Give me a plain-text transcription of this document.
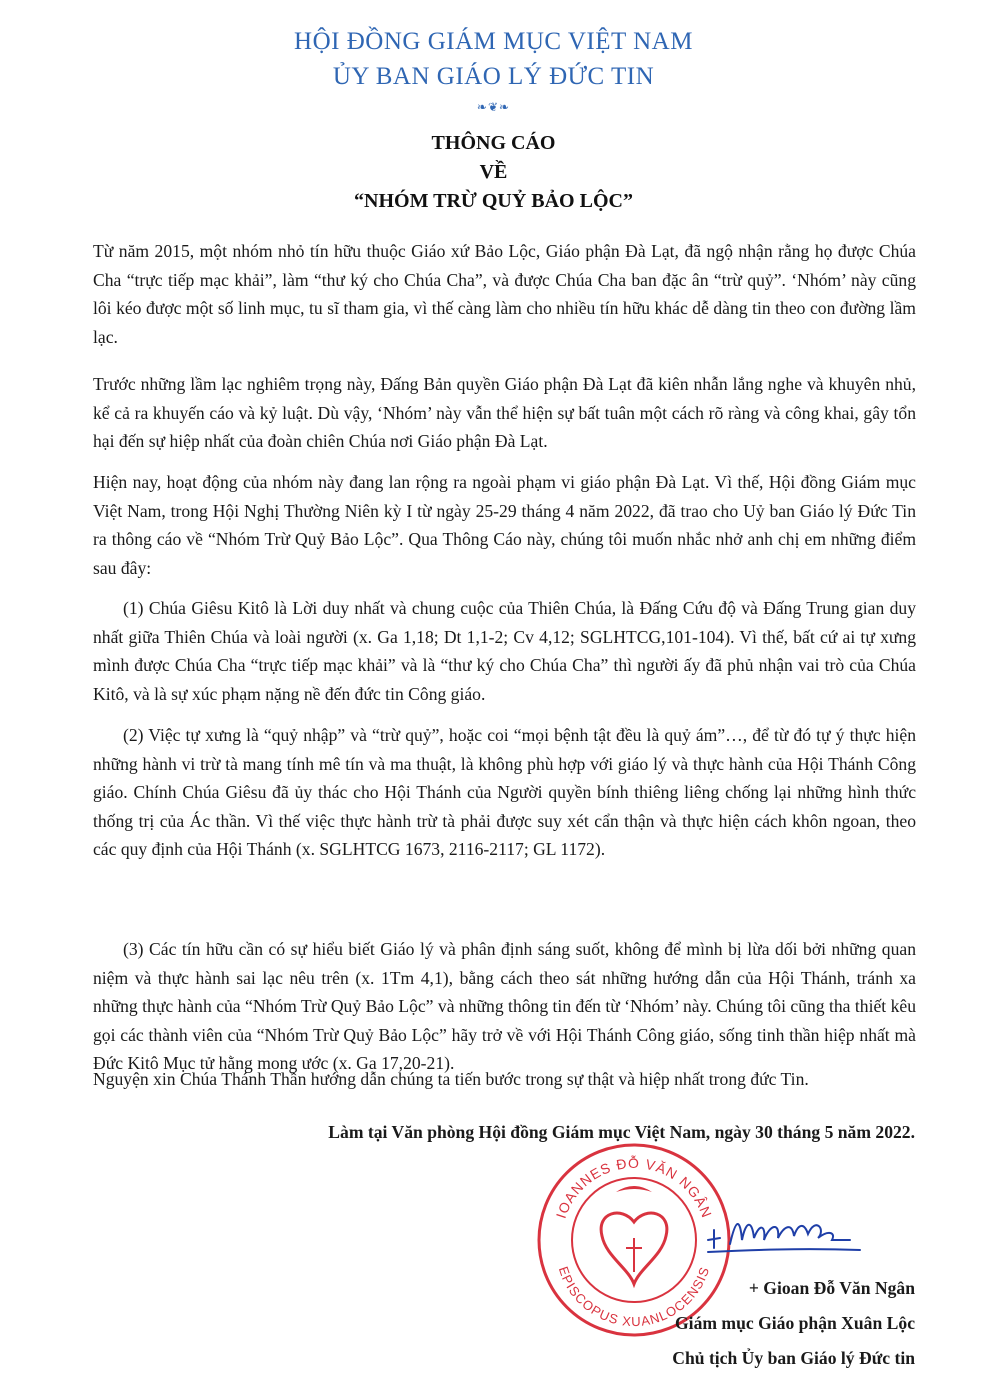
HỘI ĐỒNG GIÁM MỤC VIỆT NAM
ỦY BAN GIÁO LÝ ĐỨC TIN
❧❦❧
THÔNG CÁO
VỀ
“NHÓM TRỪ QUỶ BẢO LỘC”

Từ năm 2015, một nhóm nhỏ tín hữu thuộc Giáo xứ Bảo Lộc, Giáo phận Đà Lạt, đã ngộ nhận rằng họ được Chúa Cha “trực tiếp mạc khải”, làm “thư ký cho Chúa Cha”, và được Chúa Cha ban đặc ân “trừ quỷ”. ‘Nhóm’ này cũng lôi kéo được một số linh mục, tu sĩ tham gia, vì thế càng làm cho nhiều tín hữu khác dễ dàng tin theo con đường lầm lạc.

Trước những lầm lạc nghiêm trọng này, Đấng Bản quyền Giáo phận Đà Lạt đã kiên nhẫn lắng nghe và khuyên nhủ, kể cả ra khuyến cáo và kỷ luật. Dù vậy, ‘Nhóm’ này vẫn thể hiện sự bất tuân một cách rõ ràng và công khai, gây tổn hại đến sự hiệp nhất của đoàn chiên Chúa nơi Giáo phận Đà Lạt.

Hiện nay, hoạt động của nhóm này đang lan rộng ra ngoài phạm vi giáo phận Đà Lạt. Vì thế, Hội đồng Giám mục Việt Nam, trong Hội Nghị Thường Niên kỳ I từ ngày 25-29 tháng 4 năm 2022, đã trao cho Uỷ ban Giáo lý Đức Tin ra thông cáo về “Nhóm Trừ Quỷ Bảo Lộc”. Qua Thông Cáo này, chúng tôi muốn nhắc nhở anh chị em những điểm sau đây:

(1) Chúa Giêsu Kitô là Lời duy nhất và chung cuộc của Thiên Chúa, là Đấng Cứu độ và Đấng Trung gian duy nhất giữa Thiên Chúa và loài người (x. Ga 1,18; Dt 1,1-2; Cv 4,12; SGLHTCG,101-104). Vì thế, bất cứ ai tự xưng mình được Chúa Cha “trực tiếp mạc khải” và là “thư ký cho Chúa Cha” thì người ấy đã phủ nhận vai trò của Chúa Kitô, và là sự xúc phạm nặng nề đến đức tin Công giáo.

(2) Việc tự xưng là “quỷ nhập” và “trừ quỷ”, hoặc coi “mọi bệnh tật đều là quỷ ám”…, để từ đó tự ý thực hiện những hành vi trừ tà mang tính mê tín và ma thuật, là không phù hợp với giáo lý và thực hành của Hội Thánh Công giáo. Chính Chúa Giêsu đã ủy thác cho Hội Thánh của Người quyền bính thiêng liêng chống lại những hình thức thống trị của Ác thần. Vì thế việc thực hành trừ tà phải được suy xét cẩn thận và thực hiện cách khôn ngoan, theo các quy định của Hội Thánh (x. SGLHTCG 1673, 2116-2117; GL 1172).

(3) Các tín hữu cần có sự hiểu biết Giáo lý và phân định sáng suốt, không để mình bị lừa dối bởi những quan niệm và thực hành sai lạc nêu trên (x. 1Tm 4,1), bằng cách theo sát những hướng dẫn của Hội Thánh, tránh xa những thực hành của “Nhóm Trừ Quỷ Bảo Lộc” và những thông tin đến từ ‘Nhóm’ này. Chúng tôi cũng tha thiết kêu gọi các thành viên của “Nhóm Trừ Quỷ Bảo Lộc” hãy trở về với Hội Thánh Công giáo, sống tinh thần hiệp nhất mà Đức Kitô Mục tử hằng mong ước (x. Ga 17,20-21).

Nguyện xin Chúa Thánh Thần hướng dẫn chúng ta tiến bước trong sự thật và hiệp nhất trong đức Tin.

Làm tại Văn phòng Hội đồng Giám mục Việt Nam, ngày 30 tháng 5 năm 2022.
IOANNES ĐỖ VĂN NGÂN
EPISCOPUS XUANLOCENSIS
+ Gioan Đỗ Văn Ngân
Giám mục Giáo phận Xuân Lộc
Chủ tịch Ủy ban Giáo lý Đức tin
